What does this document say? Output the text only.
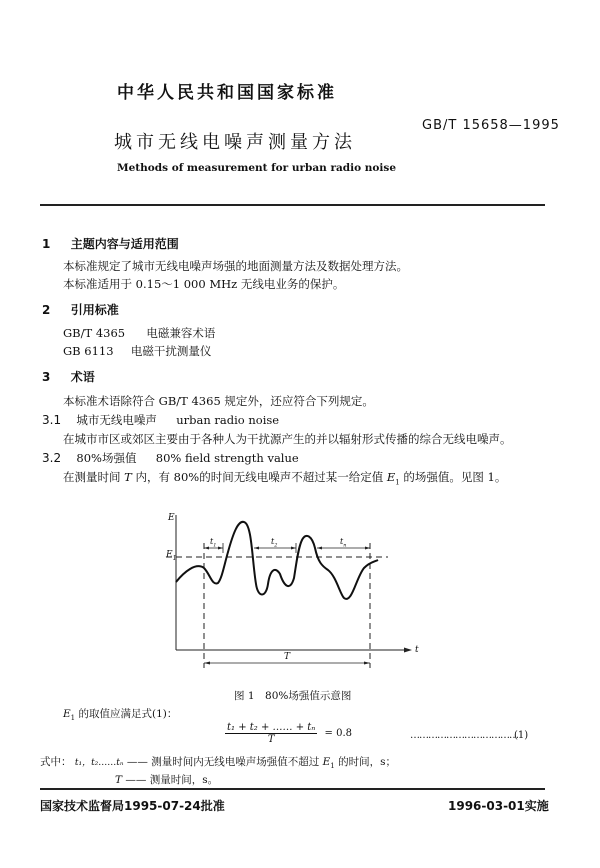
中华人民共和国国家标准
GB/T 15658—1995
城市无线电噪声测量方法
Methods of measurement for urban radio noise
1 主题内容与适用范围
本标准规定了城市无线电噪声场强的地面测量方法及数据处理方法。
本标准适用于 0.15～1 000 MHz 无线电业务的保护。
2 引用标准
GB/T 4365 电磁兼容术语
GB 6113 电磁干扰测量仪
3 术语
本标准术语除符合 GB/T 4365 规定外，还应符合下列规定。
3.1 城市无线电噪声 urban radio noise
在城市市区或郊区主要由于各种人为干扰源产生的并以辐射形式传播的综合无线电噪声。
3.2 80%场强值 80% field strength value
在测量时间 T 内，有 80%的时间无线电噪声不超过某一给定值 $E_1$ 的场强值。见图 1。
E
t
$E_1$
$t_1$	$t_2$	$t_n$
T
图 1　80%场强值示意图
$E_1$ 的取值应满足式(1)：
$\frac{\text{t₁ + t₂ + …… + tₙ}}{T} = 0.8$	………………………………
(1)
式中： t₁，t₂……tₙ —— 测量时间内无线电噪声场强值不超过 $E_1$ 的时间，s；
T —— 测量时间，s。
国家技术监督局1995-07-24批准	1996-03-01实施
